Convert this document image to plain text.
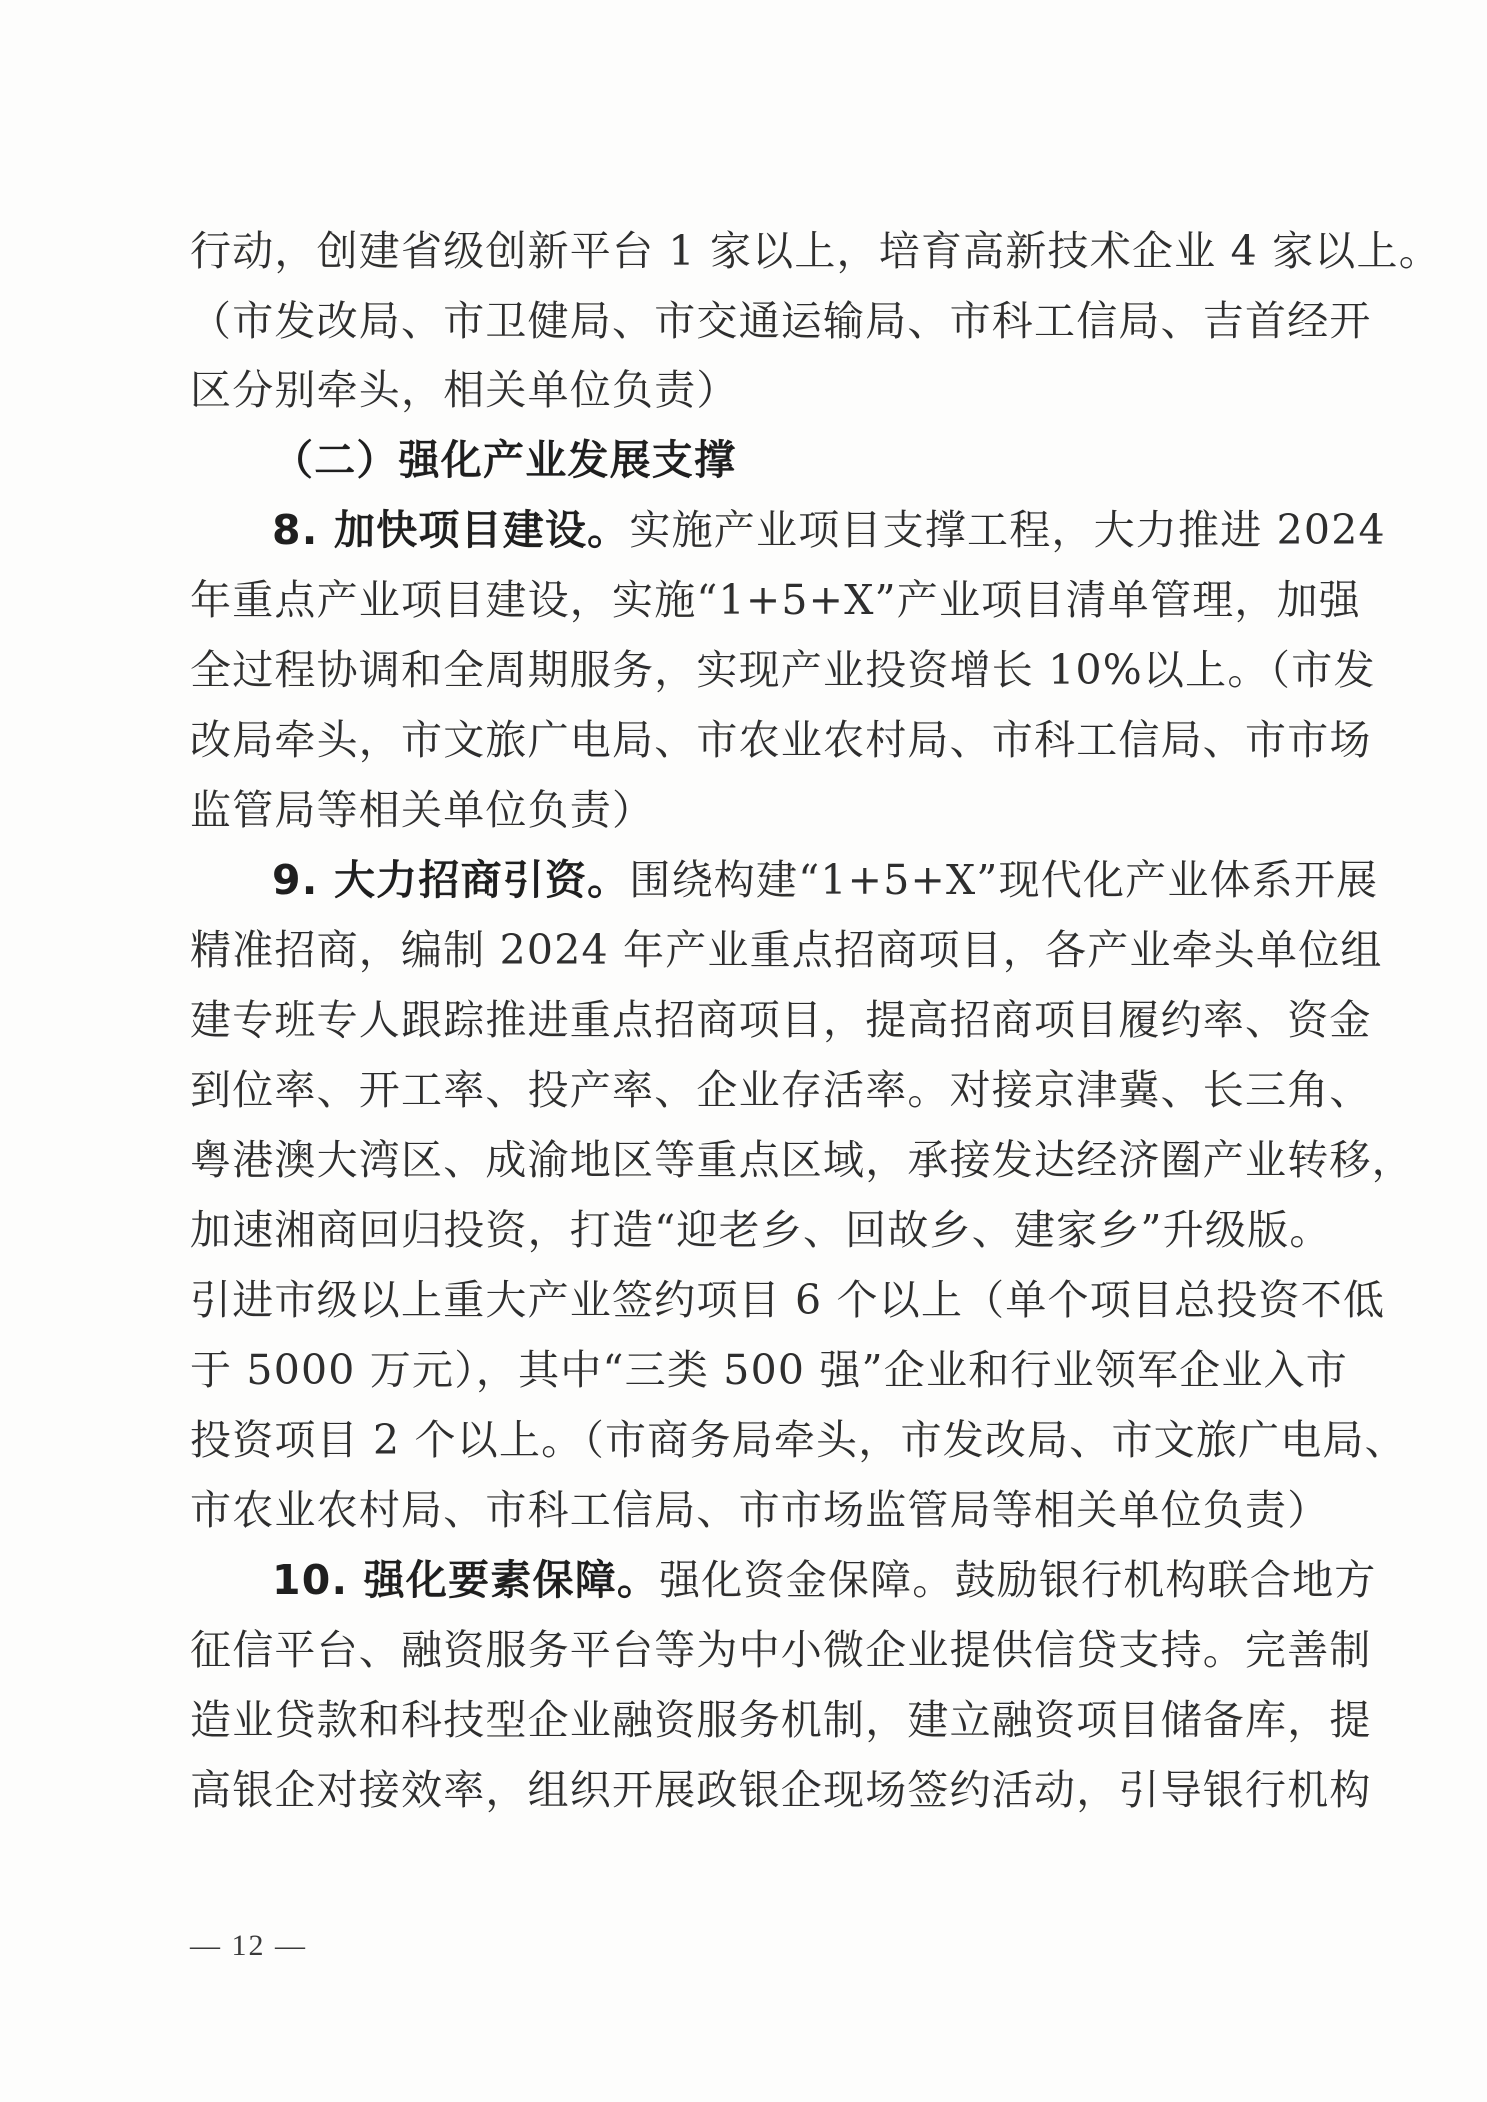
行动，创建省级创新平台 1 家以上，培育高新技术企业 4 家以上。
（市发改局、市卫健局、市交通运输局、市科工信局、吉首经开
区分别牵头，相关单位负责）
（二）强化产业发展支撑
8. 加快项目建设。实施产业项目支撑工程，大力推进 2024
年重点产业项目建设，实施“1+5+X”产业项目清单管理，加强
全过程协调和全周期服务，实现产业投资增长 10%以上。（市发
改局牵头，市文旅广电局、市农业农村局、市科工信局、市市场
监管局等相关单位负责）
9. 大力招商引资。围绕构建“1+5+X”现代化产业体系开展
精准招商，编制 2024 年产业重点招商项目，各产业牵头单位组
建专班专人跟踪推进重点招商项目，提高招商项目履约率、资金
到位率、开工率、投产率、企业存活率。对接京津冀、长三角、
粤港澳大湾区、成渝地区等重点区域，承接发达经济圈产业转移，
加速湘商回归投资，打造“迎老乡、回故乡、建家乡”升级版。
引进市级以上重大产业签约项目 6 个以上（单个项目总投资不低
于 5000 万元），其中“三类 500 强”企业和行业领军企业入市
投资项目 2 个以上。（市商务局牵头，市发改局、市文旅广电局、
市农业农村局、市科工信局、市市场监管局等相关单位负责）
10. 强化要素保障。强化资金保障。鼓励银行机构联合地方
征信平台、融资服务平台等为中小微企业提供信贷支持。完善制
造业贷款和科技型企业融资服务机制，建立融资项目储备库，提
高银企对接效率，组织开展政银企现场签约活动，引导银行机构
— 12 —
